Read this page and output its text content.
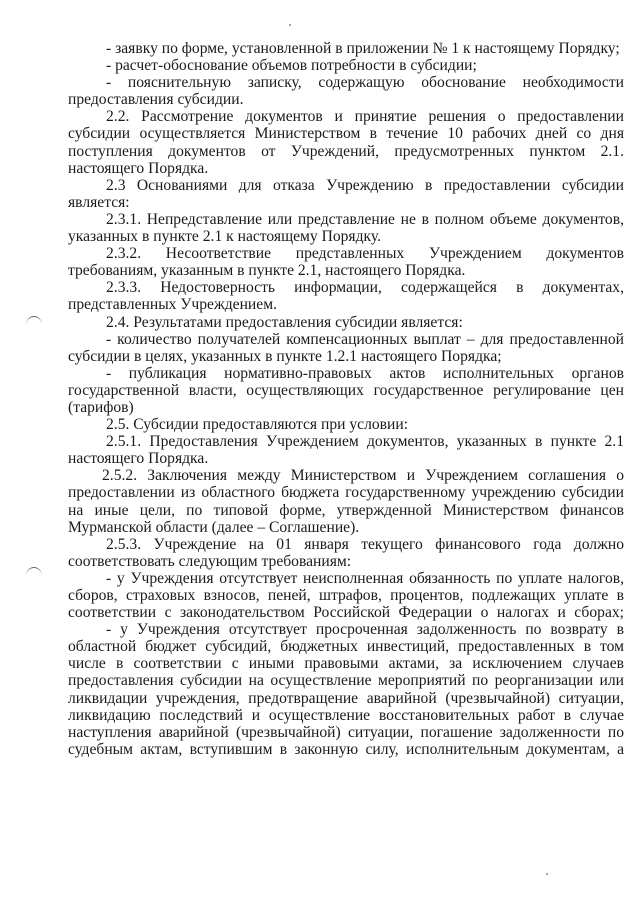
- заявку по форме, установленной в приложении № 1 к настоящему Порядку;
- расчет-обоснование объемов потребности в субсидии;
- пояснительную записку, содержащую обоснование необходимости
предоставления субсидии.
2.2. Рассмотрение документов и принятие решения о предоставлении
субсидии осуществляется Министерством в течение 10 рабочих дней со дня
поступления документов от Учреждений, предусмотренных пунктом 2.1.
настоящего Порядка.
2.3 Основаниями для отказа Учреждению в предоставлении субсидии
является:
2.3.1. Непредставление или представление не в полном объеме документов,
указанных в пункте 2.1 к настоящему Порядку.
2.3.2. Несоответствие представленных Учреждением документов
требованиям, указанным в пункте 2.1, настоящего Порядка.
2.3.3. Недостоверность информации, содержащейся в документах,
представленных Учреждением.
2.4. Результатами предоставления субсидии является:
- количество получателей компенсационных выплат – для предоставленной
субсидии в целях, указанных в пункте 1.2.1 настоящего Порядка;
- публикация нормативно-правовых актов исполнительных органов
государственной власти, осуществляющих государственное регулирование цен
(тарифов)
2.5. Субсидии предоставляются при условии:
2.5.1. Предоставления Учреждением документов, указанных в пункте 2.1
настоящего Порядка.
2.5.2. Заключения между Министерством и Учреждением соглашения о
предоставлении из областного бюджета государственному учреждению субсидии
на иные цели, по типовой форме, утвержденной Министерством финансов
Мурманской области (далее – Соглашение).
2.5.3. Учреждение на 01 января текущего финансового года должно
соответствовать следующим требованиям:
- у Учреждения отсутствует неисполненная обязанность по уплате налогов,
сборов, страховых взносов, пеней, штрафов, процентов, подлежащих уплате в
соответствии с законодательством Российской Федерации о налогах и сборах;
- у Учреждения отсутствует просроченная задолженность по возврату в
областной бюджет субсидий, бюджетных инвестиций, предоставленных в том
числе в соответствии с иными правовыми актами, за исключением случаев
предоставления субсидии на осуществление мероприятий по реорганизации или
ликвидации учреждения, предотвращение аварийной (чрезвычайной) ситуации,
ликвидацию последствий и осуществление восстановительных работ в случае
наступления аварийной (чрезвычайной) ситуации, погашение задолженности по
судебным актам, вступившим в законную силу, исполнительным документам, а
